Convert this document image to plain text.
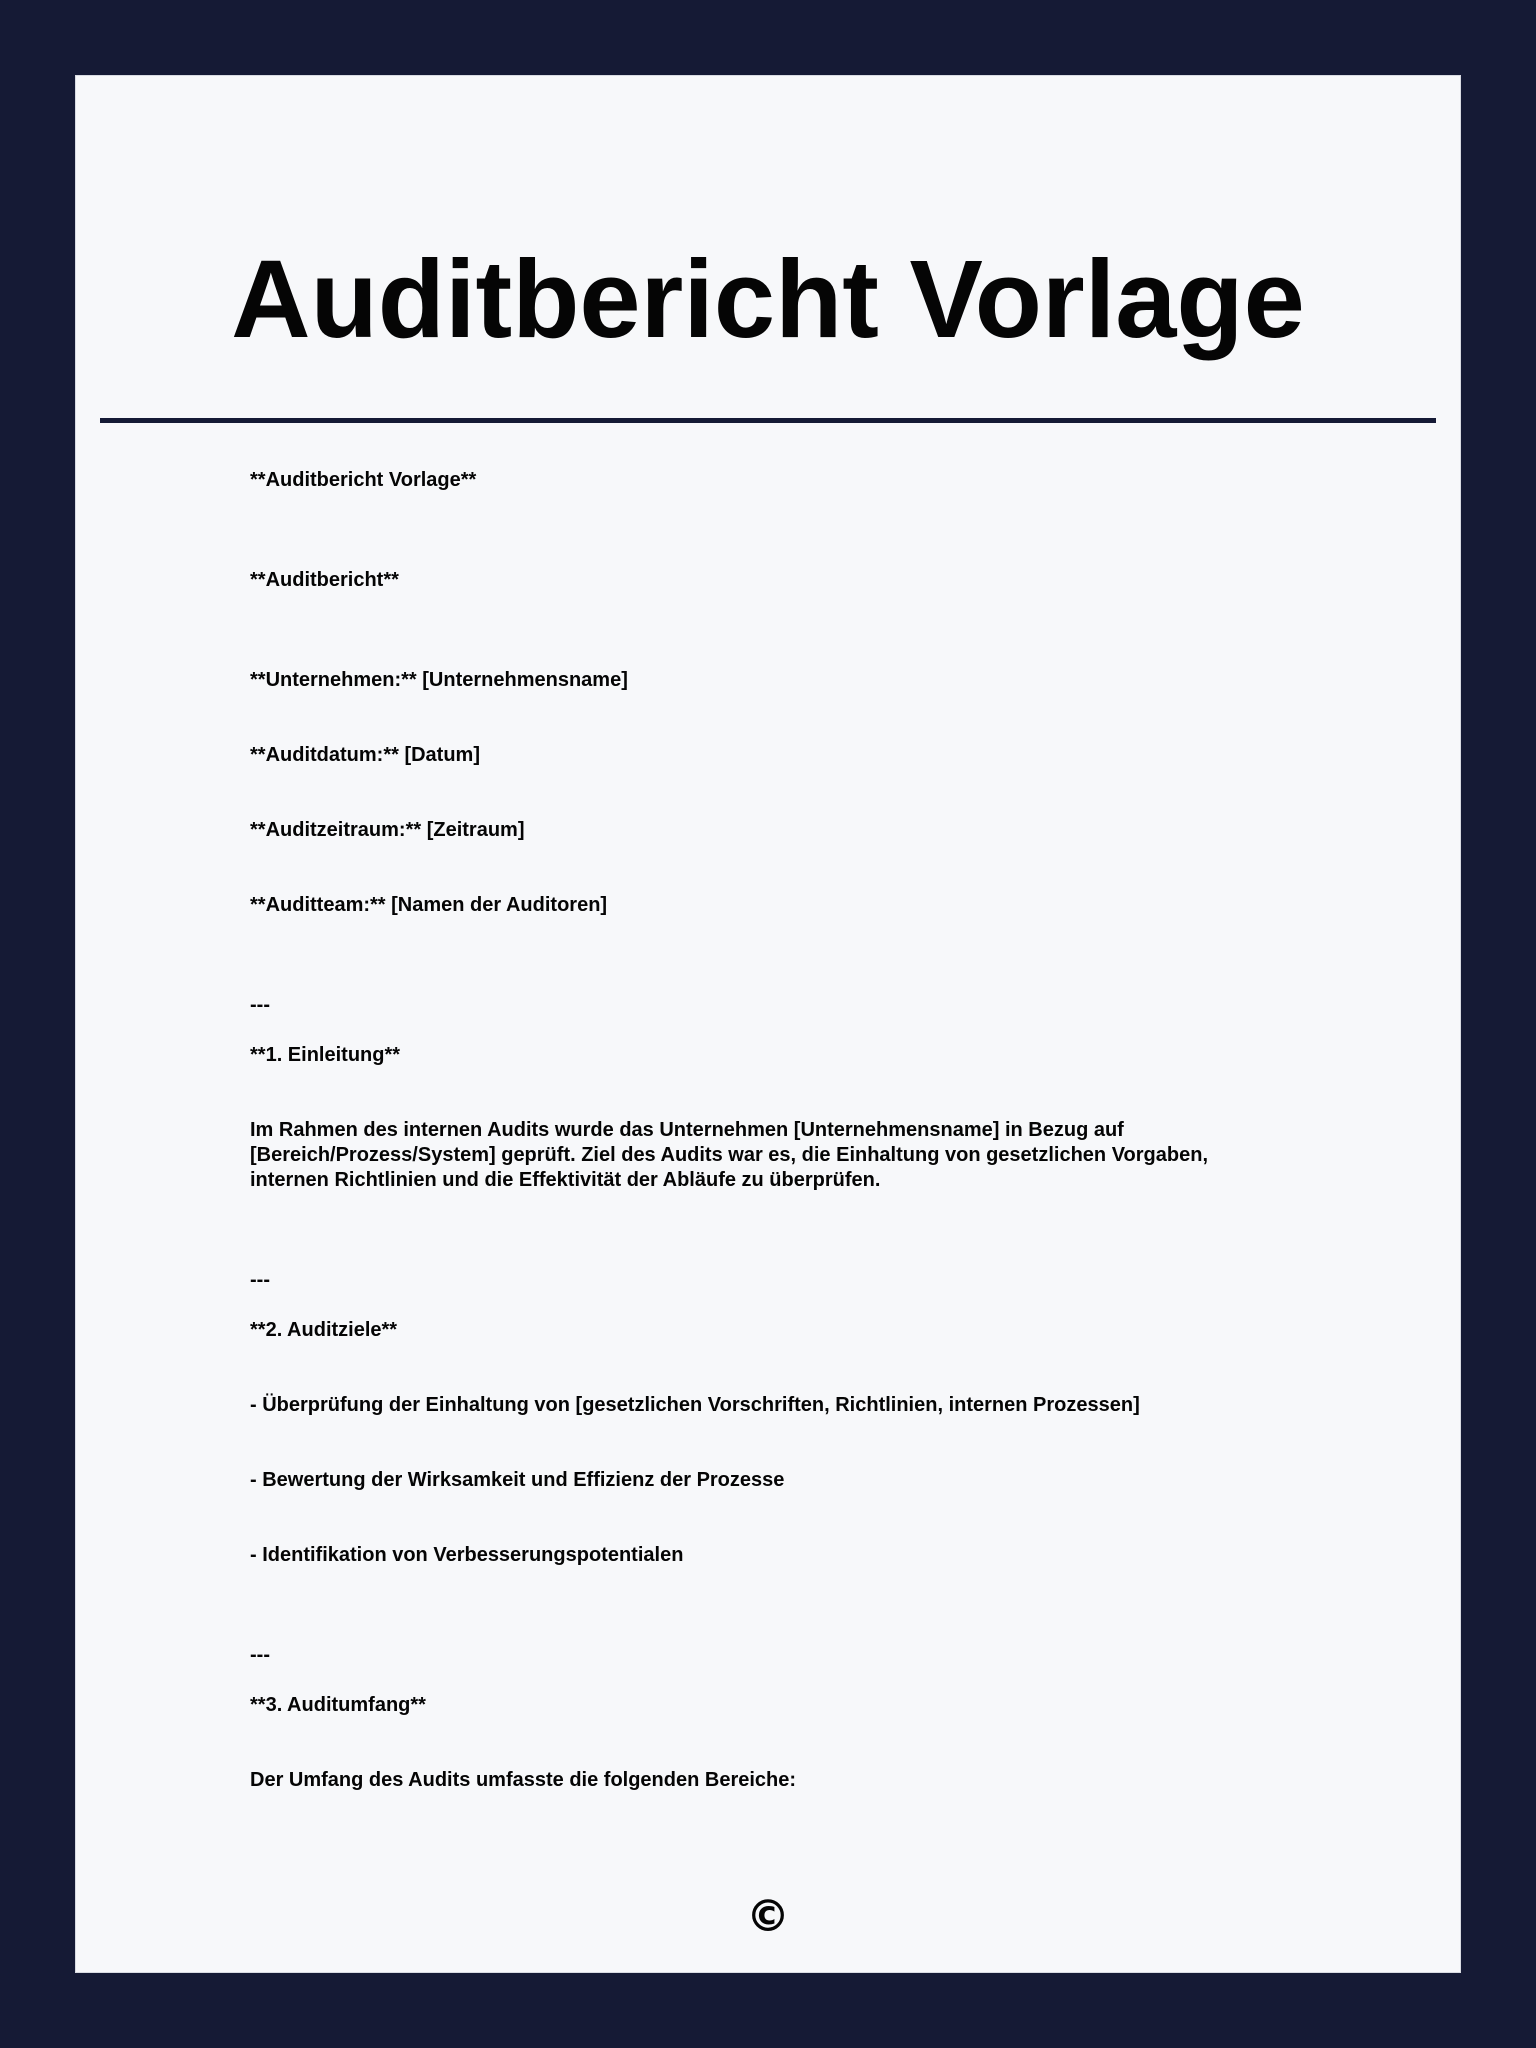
Auditbericht Vorlage

**Auditbericht Vorlage**

**Auditbericht**

**Unternehmen:** [Unternehmensname]

**Auditdatum:** [Datum]

**Auditzeitraum:** [Zeitraum]

**Auditteam:** [Namen der Auditoren]

---

**1. Einleitung**

Im Rahmen des internen Audits wurde das Unternehmen [Unternehmensname] in Bezug auf [Bereich/Prozess/System] geprüft. Ziel des Audits war es, die Einhaltung von gesetzlichen Vorgaben, internen Richtlinien und die Effektivität der Abläufe zu überprüfen.

---

**2. Auditziele**

- Überprüfung der Einhaltung von [gesetzlichen Vorschriften, Richtlinien, internen Prozessen]

- Bewertung der Wirksamkeit und Effizienz der Prozesse

- Identifikation von Verbesserungspotentialen

---

**3. Auditumfang**

Der Umfang des Audits umfasste die folgenden Bereiche:

©
